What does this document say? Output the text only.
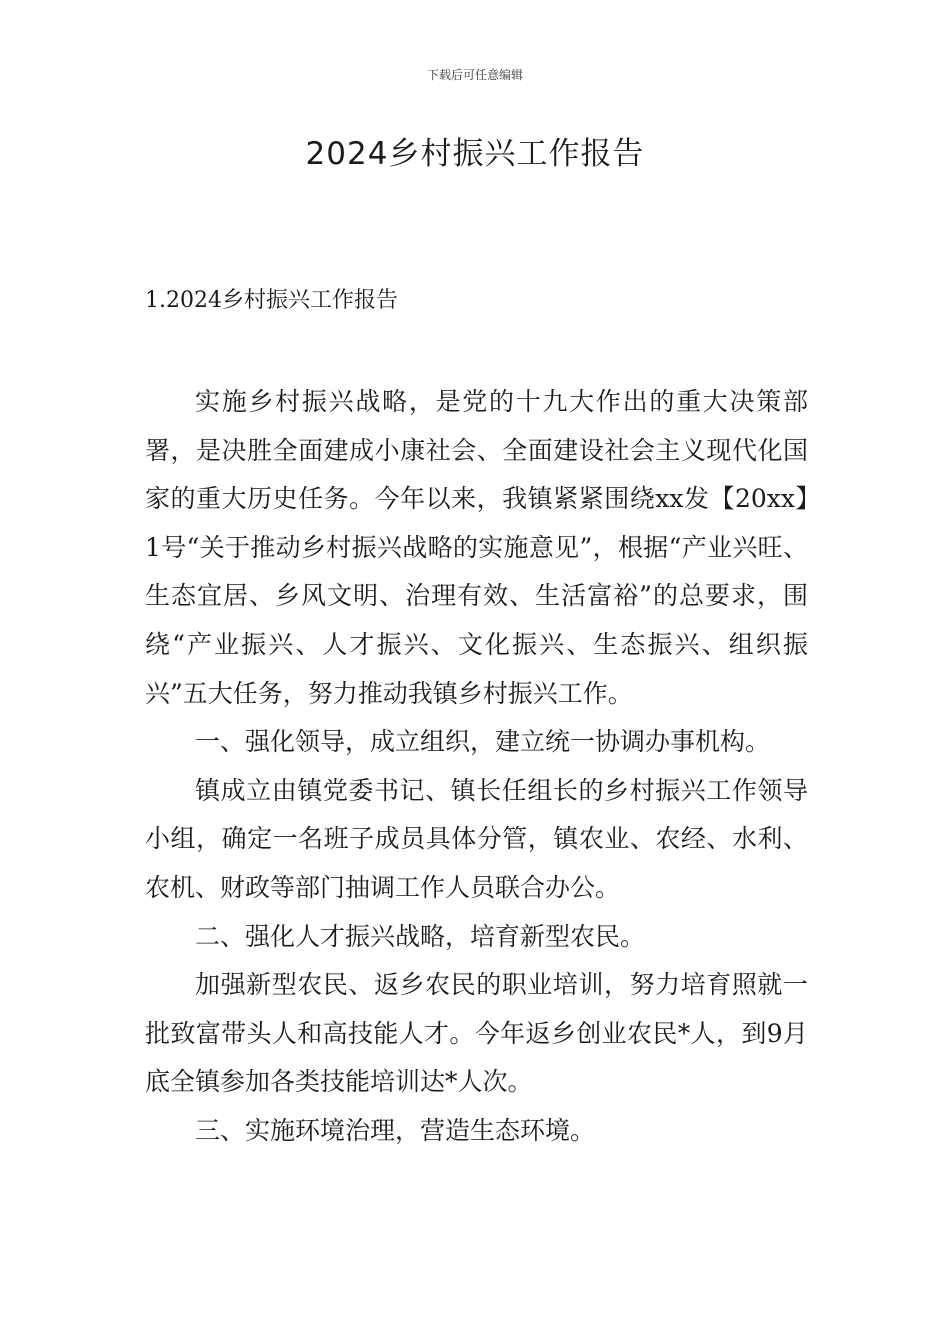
下载后可任意编辑
2024乡村振兴工作报告
1.2024乡村振兴工作报告

实施乡村振兴战略，是党的十九大作出的重大决策部署，是决胜全面建成小康社会、全面建设社会主义现代化国家的重大历史任务。今年以来，我镇紧紧围绕xx发【20xx】1号“关于推动乡村振兴战略的实施意见”，根据“产业兴旺、生态宜居、乡风文明、治理有效、生活富裕”的总要求，围绕“产业振兴、人才振兴、文化振兴、生态振兴、组织振兴”五大任务，努力推动我镇乡村振兴工作。

一、强化领导，成立组织，建立统一协调办事机构。

镇成立由镇党委书记、镇长任组长的乡村振兴工作领导小组，确定一名班子成员具体分管，镇农业、农经、水利、农机、财政等部门抽调工作人员联合办公。

二、强化人才振兴战略，培育新型农民。

加强新型农民、返乡农民的职业培训，努力培育照就一批致富带头人和高技能人才。今年返乡创业农民*人，到9月底全镇参加各类技能培训达*人次。

三、实施环境治理，营造生态环境。
